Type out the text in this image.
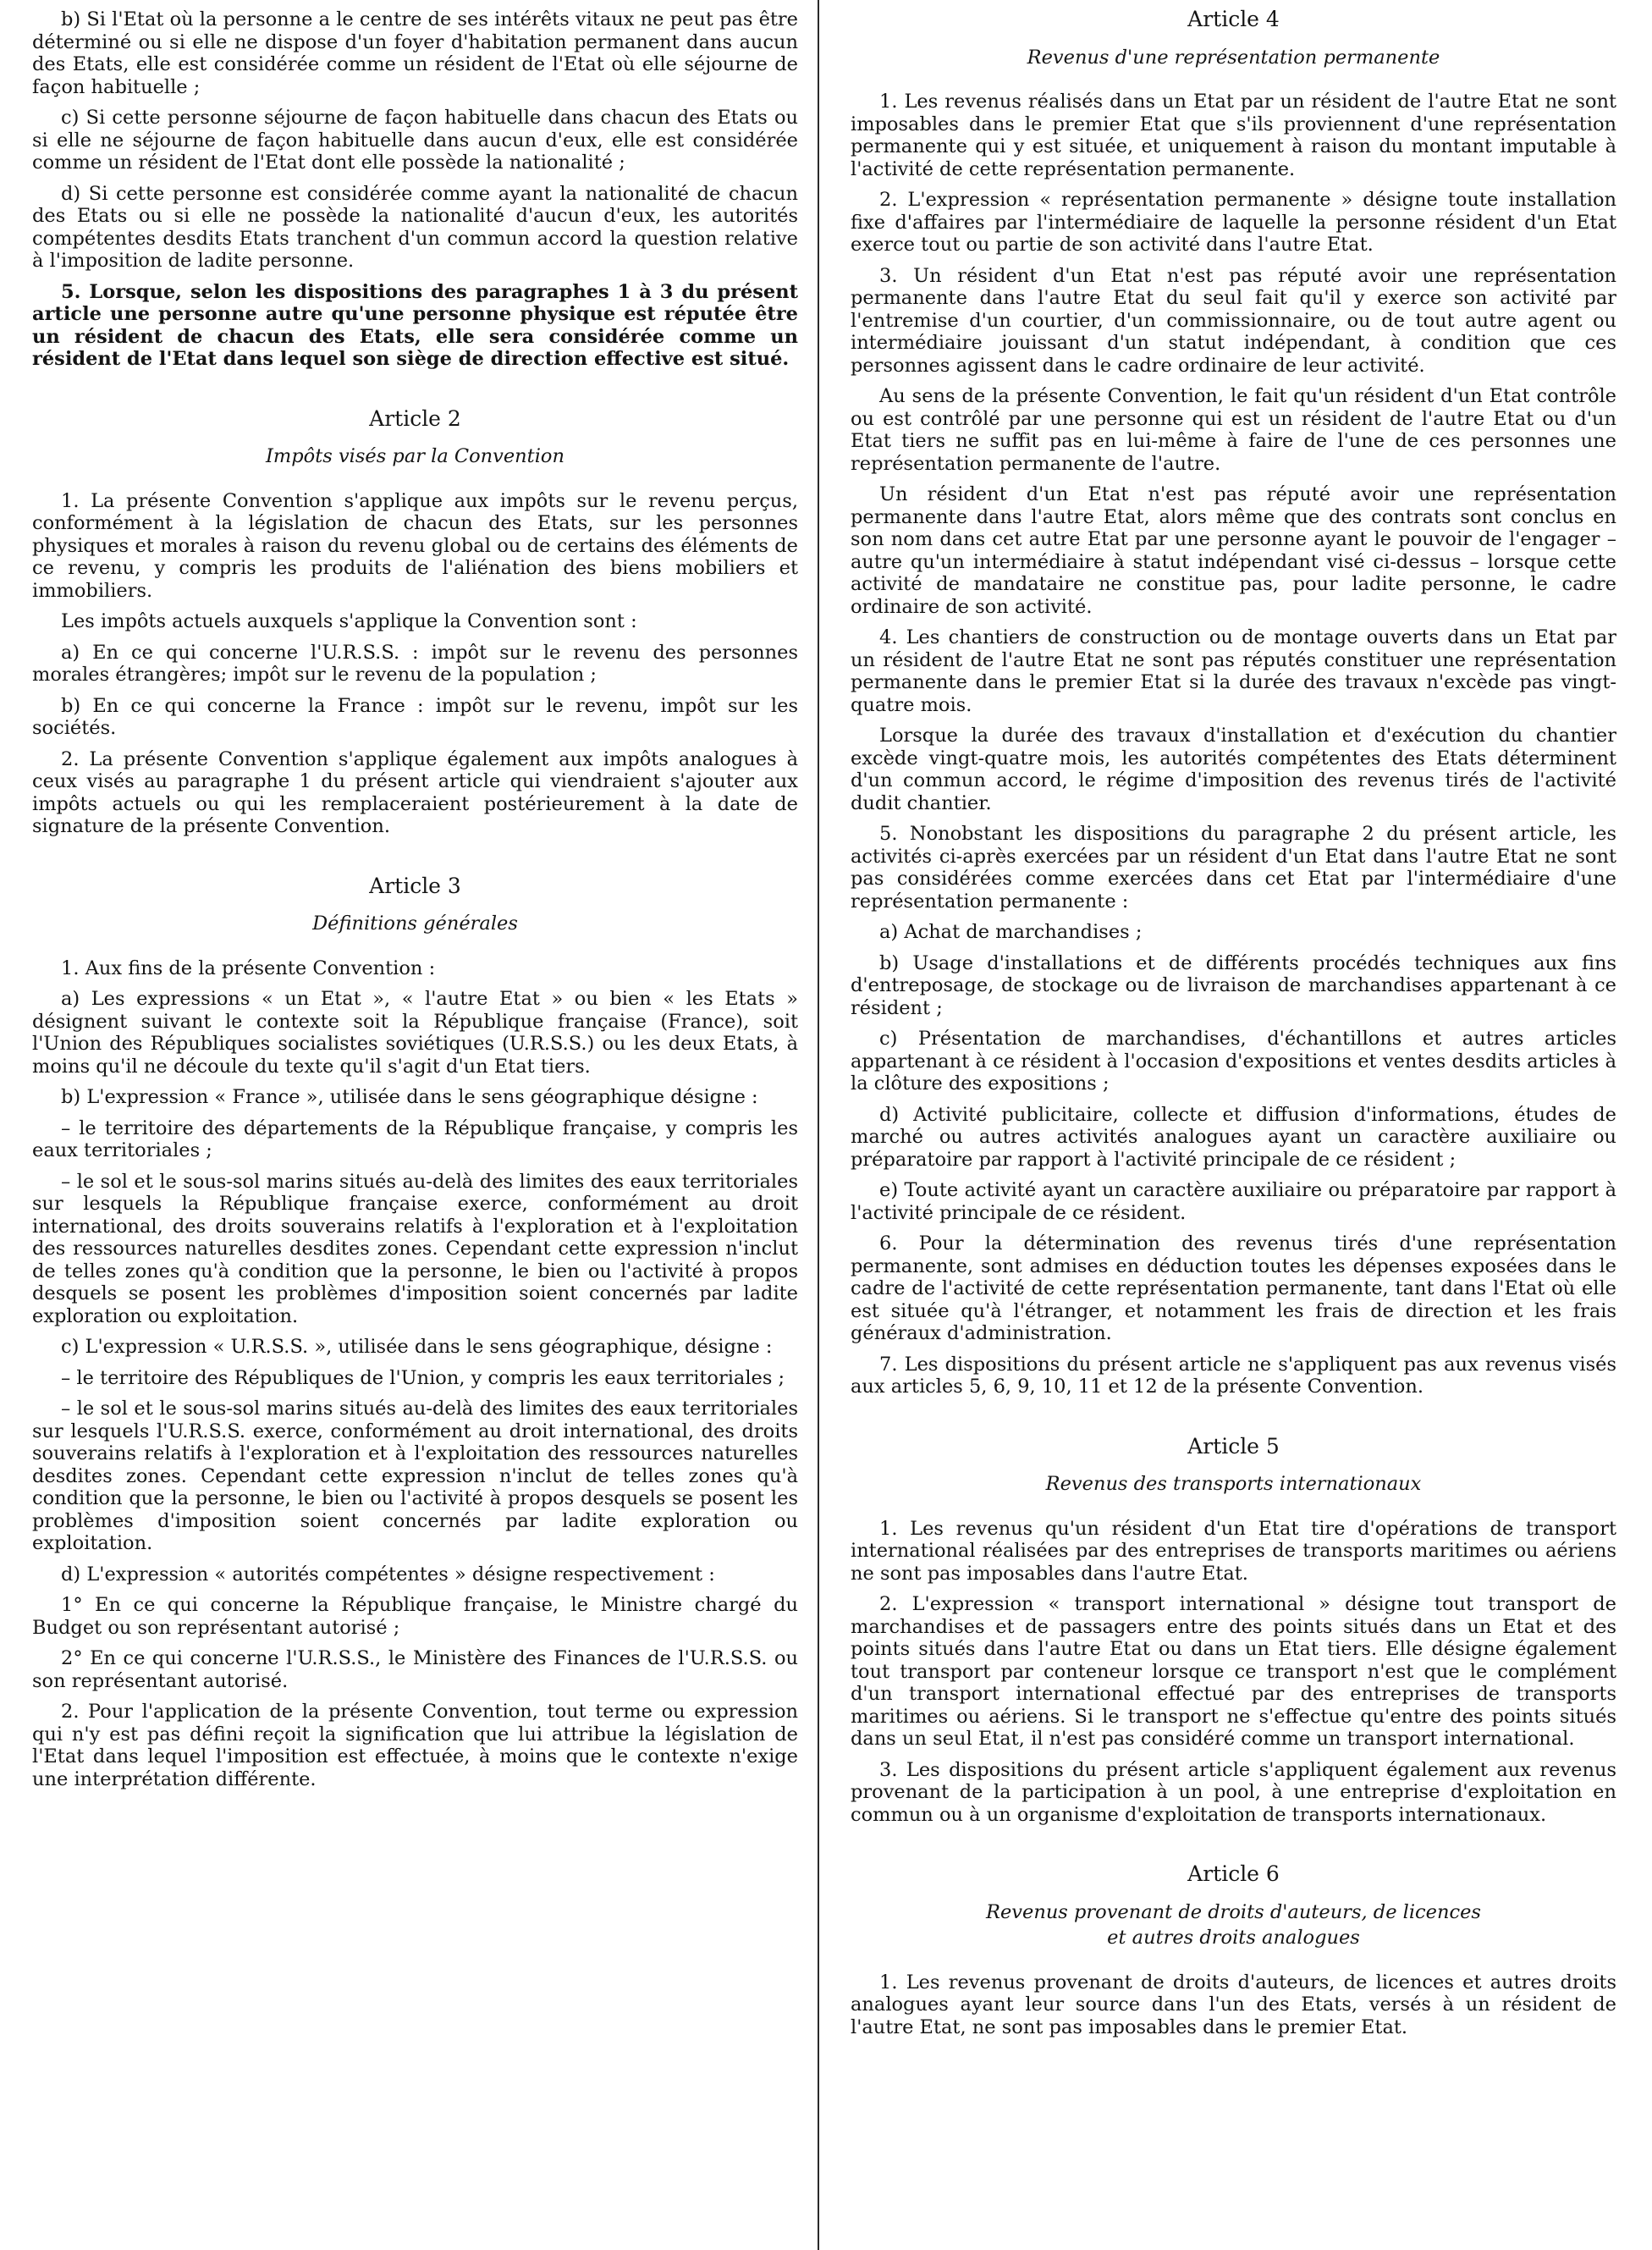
b) Si l'Etat où la personne a le centre de ses intérêts vitaux ne peut pas être déterminé ou si elle ne dispose d'un foyer d'habitation permanent dans aucun des Etats, elle est considérée comme un résident de l'Etat où elle séjourne de façon habituelle ;

c) Si cette personne séjourne de façon habituelle dans chacun des Etats ou si elle ne séjourne de façon habituelle dans aucun d'eux, elle est considérée comme un résident de l'Etat dont elle possède la nationalité ;

d) Si cette personne est considérée comme ayant la nationalité de chacun des Etats ou si elle ne possède la nationalité d'aucun d'eux, les autorités compétentes desdits Etats tranchent d'un commun accord la question relative à l'imposition de ladite personne.

5. Lorsque, selon les dispositions des paragraphes 1 à 3 du présent article une personne autre qu'une personne physique est réputée être un résident de chacun des Etats, elle sera considérée comme un résident de l'Etat dans lequel son siège de direction effective est situé.

Article 2
Impôts visés par la Convention

1. La présente Convention s'applique aux impôts sur le revenu perçus, conformément à la législation de chacun des Etats, sur les personnes physiques et morales à raison du revenu global ou de certains des éléments de ce revenu, y compris les produits de l'aliénation des biens mobiliers et immobiliers.

Les impôts actuels auxquels s'applique la Convention sont :

a) En ce qui concerne l'U.R.S.S. : impôt sur le revenu des personnes morales étrangères; impôt sur le revenu de la population ;

b) En ce qui concerne la France : impôt sur le revenu, impôt sur les sociétés.

2. La présente Convention s'applique également aux impôts analogues à ceux visés au paragraphe 1 du présent article qui viendraient s'ajouter aux impôts actuels ou qui les remplaceraient postérieurement à la date de signature de la présente Convention.

Article 3
Définitions générales

1. Aux fins de la présente Convention :

a) Les expressions « un Etat », « l'autre Etat » ou bien « les Etats » désignent suivant le contexte soit la République française (France), soit l'Union des Républiques socialistes soviétiques (U.R.S.S.) ou les deux Etats, à moins qu'il ne découle du texte qu'il s'agit d'un Etat tiers.

b) L'expression « France », utilisée dans le sens géographique désigne :

– le territoire des départements de la République française, y compris les eaux territoriales ;

– le sol et le sous-sol marins situés au-delà des limites des eaux territoriales sur lesquels la République française exerce, conformément au droit international, des droits souverains relatifs à l'exploration et à l'exploitation des ressources naturelles desdites zones. Cependant cette expression n'inclut de telles zones qu'à condition que la personne, le bien ou l'activité à propos desquels se posent les problèmes d'imposition soient concernés par ladite exploration ou exploitation.

c) L'expression « U.R.S.S. », utilisée dans le sens géographique, désigne :

– le territoire des Républiques de l'Union, y compris les eaux territoriales ;

– le sol et le sous-sol marins situés au-delà des limites des eaux territoriales sur lesquels l'U.R.S.S. exerce, conformément au droit international, des droits souverains relatifs à l'exploration et à l'exploitation des ressources naturelles desdites zones. Cependant cette expression n'inclut de telles zones qu'à condition que la personne, le bien ou l'activité à propos desquels se posent les problèmes d'imposition soient concernés par ladite exploration ou exploitation.

d) L'expression « autorités compétentes » désigne respectivement :

1° En ce qui concerne la République française, le Ministre chargé du Budget ou son représentant autorisé ;

2° En ce qui concerne l'U.R.S.S., le Ministère des Finances de l'U.R.S.S. ou son représentant autorisé.

2. Pour l'application de la présente Convention, tout terme ou expression qui n'y est pas défini reçoit la signification que lui attribue la législation de l'Etat dans lequel l'imposition est effectuée, à moins que le contexte n'exige une interprétation différente.

Article 4
Revenus d'une représentation permanente

1. Les revenus réalisés dans un Etat par un résident de l'autre Etat ne sont imposables dans le premier Etat que s'ils proviennent d'une représentation permanente qui y est située, et uniquement à raison du montant imputable à l'activité de cette représentation permanente.

2. L'expression « représentation permanente » désigne toute installation fixe d'affaires par l'intermédiaire de laquelle la personne résident d'un Etat exerce tout ou partie de son activité dans l'autre Etat.

3. Un résident d'un Etat n'est pas réputé avoir une représentation permanente dans l'autre Etat du seul fait qu'il y exerce son activité par l'entremise d'un courtier, d'un commissionnaire, ou de tout autre agent ou intermédiaire jouissant d'un statut indépendant, à condition que ces personnes agissent dans le cadre ordinaire de leur activité.

Au sens de la présente Convention, le fait qu'un résident d'un Etat contrôle ou est contrôlé par une personne qui est un résident de l'autre Etat ou d'un Etat tiers ne suffit pas en lui-même à faire de l'une de ces personnes une représentation permanente de l'autre.

Un résident d'un Etat n'est pas réputé avoir une représentation permanente dans l'autre Etat, alors même que des contrats sont conclus en son nom dans cet autre Etat par une personne ayant le pouvoir de l'engager – autre qu'un intermédiaire à statut indépendant visé ci-dessus – lorsque cette activité de mandataire ne constitue pas, pour ladite personne, le cadre ordinaire de son activité.

4. Les chantiers de construction ou de montage ouverts dans un Etat par un résident de l'autre Etat ne sont pas réputés constituer une représentation permanente dans le premier Etat si la durée des travaux n'excède pas vingt-quatre mois.

Lorsque la durée des travaux d'installation et d'exécution du chantier excède vingt-quatre mois, les autorités compétentes des Etats déterminent d'un commun accord, le régime d'imposition des revenus tirés de l'activité dudit chantier.

5. Nonobstant les dispositions du paragraphe 2 du présent article, les activités ci-après exercées par un résident d'un Etat dans l'autre Etat ne sont pas considérées comme exercées dans cet Etat par l'intermédiaire d'une représentation permanente :

a) Achat de marchandises ;

b) Usage d'installations et de différents procédés techniques aux fins d'entreposage, de stockage ou de livraison de marchandises appartenant à ce résident ;

c) Présentation de marchandises, d'échantillons et autres articles appartenant à ce résident à l'occasion d'expositions et ventes desdits articles à la clôture des expositions ;

d) Activité publicitaire, collecte et diffusion d'informations, études de marché ou autres activités analogues ayant un caractère auxiliaire ou préparatoire par rapport à l'activité principale de ce résident ;

e) Toute activité ayant un caractère auxiliaire ou préparatoire par rapport à l'activité principale de ce résident.

6. Pour la détermination des revenus tirés d'une représentation permanente, sont admises en déduction toutes les dépenses exposées dans le cadre de l'activité de cette représentation permanente, tant dans l'Etat où elle est située qu'à l'étranger, et notamment les frais de direction et les frais généraux d'administration.

7. Les dispositions du présent article ne s'appliquent pas aux revenus visés aux articles 5, 6, 9, 10, 11 et 12 de la présente Convention.

Article 5
Revenus des transports internationaux

1. Les revenus qu'un résident d'un Etat tire d'opérations de transport international réalisées par des entreprises de transports maritimes ou aériens ne sont pas imposables dans l'autre Etat.

2. L'expression « transport international » désigne tout transport de marchandises et de passagers entre des points situés dans un Etat et des points situés dans l'autre Etat ou dans un Etat tiers. Elle désigne également tout transport par conteneur lorsque ce transport n'est que le complément d'un transport international effectué par des entreprises de transports maritimes ou aériens. Si le transport ne s'effectue qu'entre des points situés dans un seul Etat, il n'est pas considéré comme un transport international.

3. Les dispositions du présent article s'appliquent également aux revenus provenant de la participation à un pool, à une entreprise d'exploitation en commun ou à un organisme d'exploitation de transports internationaux.

Article 6
Revenus provenant de droits d'auteurs, de licences
et autres droits analogues

1. Les revenus provenant de droits d'auteurs, de licences et autres droits analogues ayant leur source dans l'un des Etats, versés à un résident de l'autre Etat, ne sont pas imposables dans le premier Etat.
